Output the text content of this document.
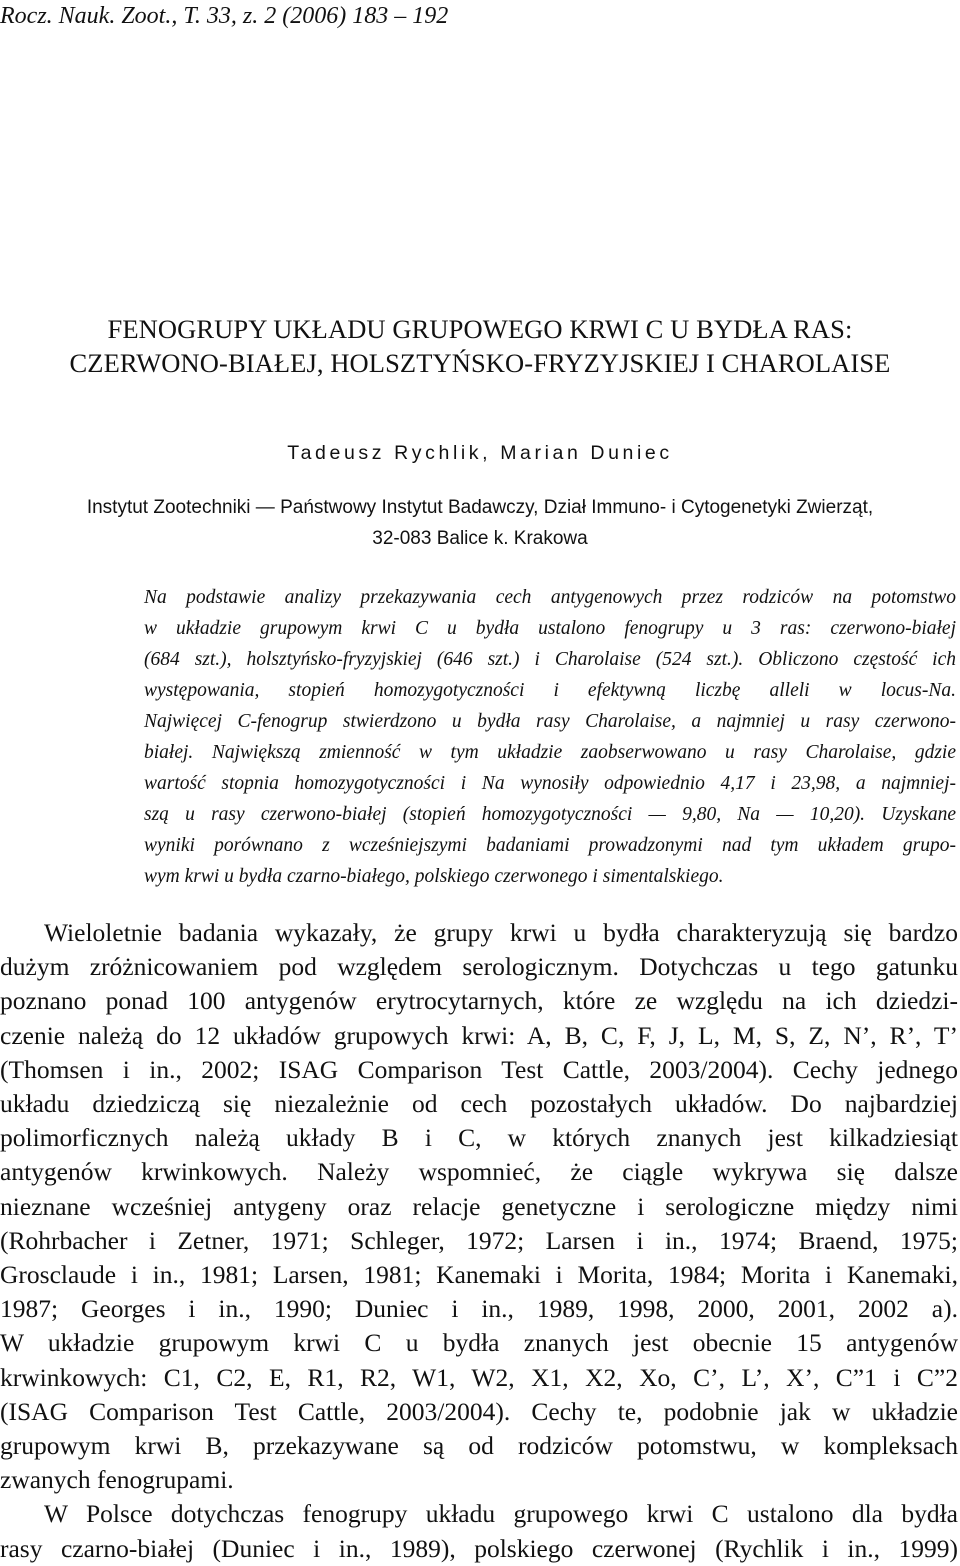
Rocz. Nauk. Zoot., T. 33, z. 2 (2006) 183 – 192
FENOGRUPY UKŁADU GRUPOWEGO KRWI C U BYDŁA RAS:
CZERWONO-BIAŁEJ, HOLSZTYŃSKO-FRYZYJSKIEJ I CHAROLAISE
Tadeusz Rychlik, Marian Duniec
Instytut Zootechniki — Państwowy Instytut Badawczy, Dział Immuno- i Cytogenetyki Zwierząt,
32-083 Balice k. Krakowa
Na podstawie analizy przekazywania cech antygenowych przez rodziców na potomstwo
w układzie grupowym krwi C u bydła ustalono fenogrupy u 3 ras: czerwono-białej
(684 szt.), holsztyńsko-fryzyjskiej (646 szt.) i Charolaise (524 szt.). Obliczono częstość ich
występowania, stopień homozygotyczności i efektywną liczbę alleli w locus-Na.
Najwięcej C-fenogrup stwierdzono u bydła rasy Charolaise, a najmniej u rasy czerwono-
białej. Największą zmienność w tym układzie zaobserwowano u rasy Charolaise, gdzie
wartość stopnia homozygotyczności i Na wynosiły odpowiednio 4,17 i 23,98, a najmniej-
szą u rasy czerwono-białej (stopień homozygotyczności — 9,80, Na — 10,20). Uzyskane
wyniki porównano z wcześniejszymi badaniami prowadzonymi nad tym układem grupo-
wym krwi u bydła czarno-białego, polskiego czerwonego i simentalskiego.
Wieloletnie badania wykazały, że grupy krwi u bydła charakteryzują się bardzo
dużym zróżnicowaniem pod względem serologicznym. Dotychczas u tego gatunku
poznano ponad 100 antygenów erytrocytarnych, które ze względu na ich dziedzi-
czenie należą do 12 układów grupowych krwi: A, B, C, F, J, L, M, S, Z, N’, R’, T’
(Thomsen i in., 2002; ISAG Comparison Test Cattle, 2003/2004). Cechy jednego
układu dziedziczą się niezależnie od cech pozostałych układów. Do najbardziej
polimorficznych należą układy B i C, w których znanych jest kilkadziesiąt
antygenów krwinkowych. Należy wspomnieć, że ciągle wykrywa się dalsze
nieznane wcześniej antygeny oraz relacje genetyczne i serologiczne między nimi
(Rohrbacher i Zetner, 1971; Schleger, 1972; Larsen i in., 1974; Braend, 1975;
Grosclaude i in., 1981; Larsen, 1981; Kanemaki i Morita, 1984; Morita i Kanemaki,
1987; Georges i in., 1990; Duniec i in., 1989, 1998, 2000, 2001, 2002 a).
W układzie grupowym krwi C u bydła znanych jest obecnie 15 antygenów
krwinkowych: C1, C2, E, R1, R2, W1, W2, X1, X2, Xo, C’, L’, X’, C”1 i C”2
(ISAG Comparison Test Cattle, 2003/2004). Cechy te, podobnie jak w układzie
grupowym krwi B, przekazywane są od rodziców potomstwu, w kompleksach
zwanych fenogrupami.
W Polsce dotychczas fenogrupy układu grupowego krwi C ustalono dla bydła
rasy czarno-białej (Duniec i in., 1989), polskiego czerwonej (Rychlik i in., 1999)
